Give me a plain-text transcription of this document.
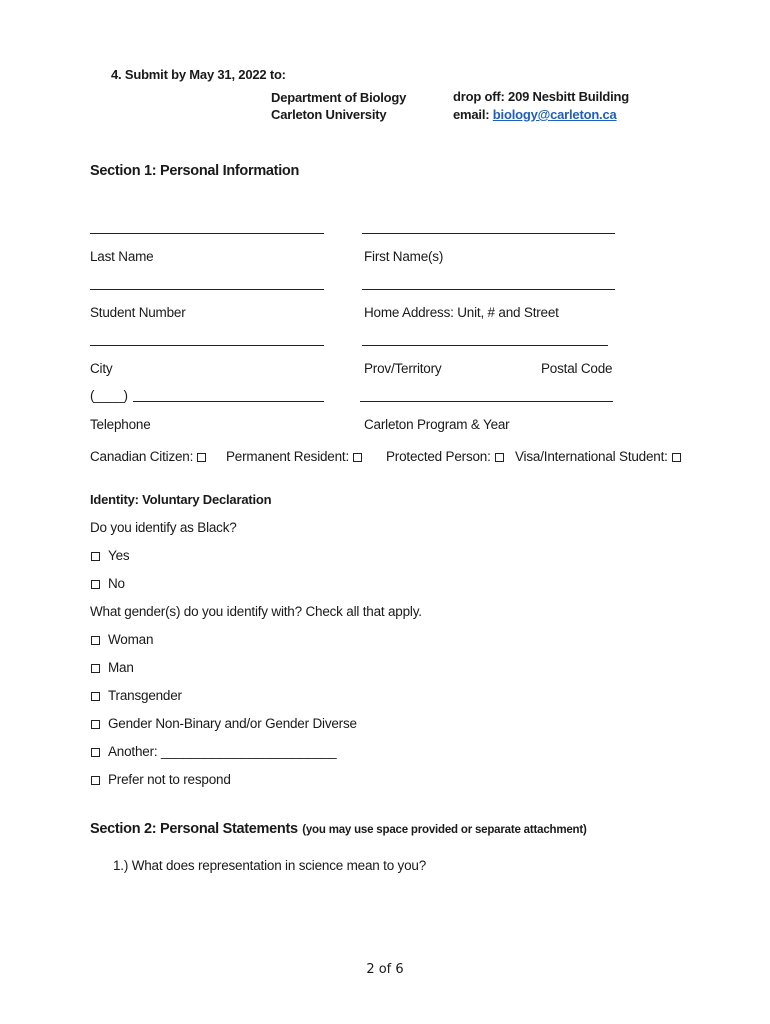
4. Submit by May 31, 2022 to:
Department of Biology
Carleton University
drop off: 209 Nesbitt Building
email: biology@carleton.ca
Section 1: Personal Information
Last Name	First Name(s)
Student Number	Home Address: Unit, # and Street
City	Prov/Territory	Postal Code
(____)
Telephone	Carleton Program & Year
Canadian Citizen:	Permanent Resident:	Protected Person:	Visa/International Student:
Identity: Voluntary Declaration
Do you identify as Black?
Yes
No
What gender(s) do you identify with? Check all that apply.
Woman
Man
Transgender
Gender Non-Binary and/or Gender Diverse
Another: ________________________
Prefer not to respond
Section 2: Personal Statements (you may use space provided or separate attachment)
1.) What does representation in science mean to you?
2 of 6
